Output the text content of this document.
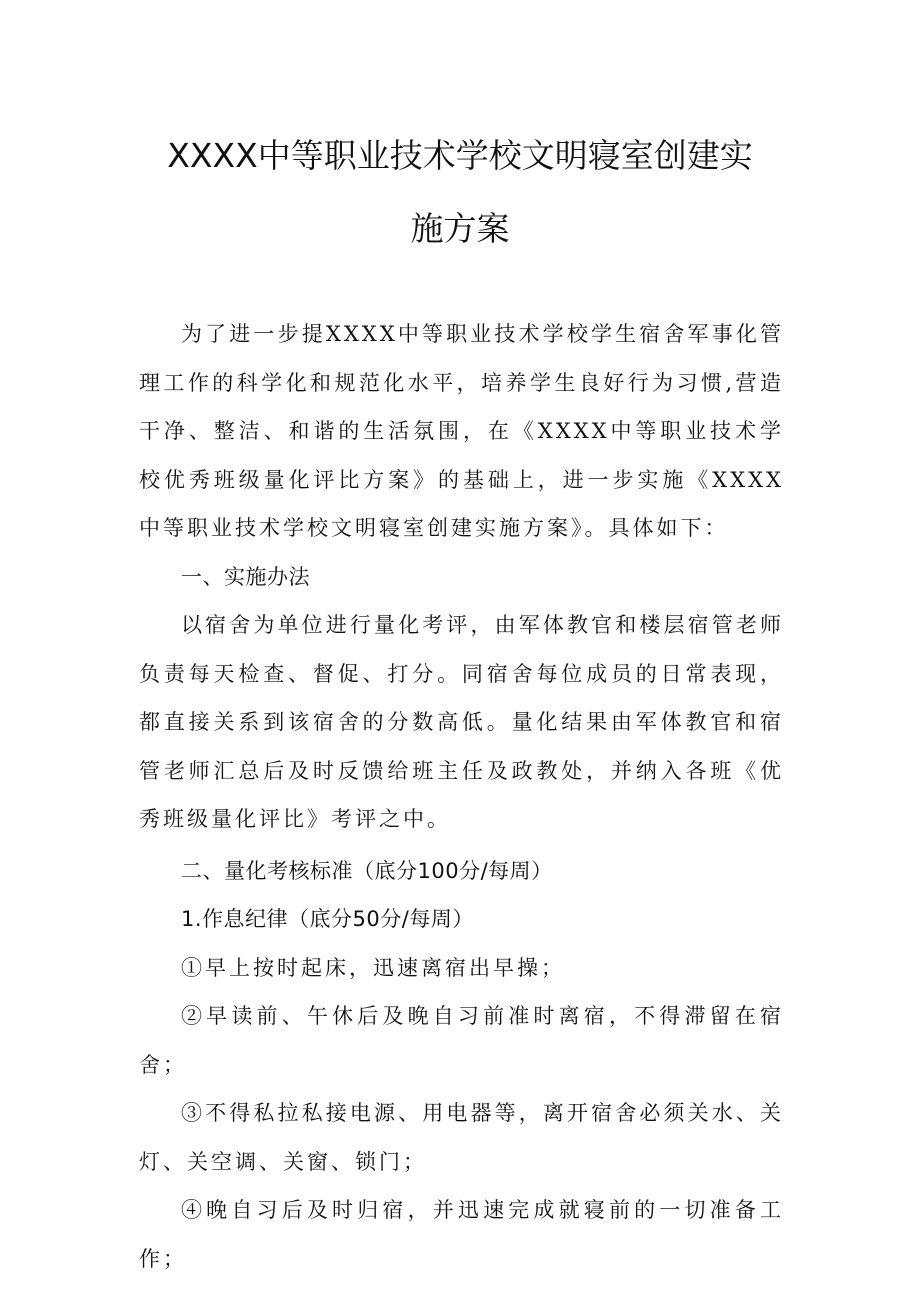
XXXX中等职业技术学校文明寝室创建实
施方案

为了进一步提XXXX中等职业技术学校学生宿舍军事化管理工作的科学化和规范化水平，培养学生良好行为习惯,营造干净、整洁、和谐的生活氛围，在《XXXX中等职业技术学校优秀班级量化评比方案》的基础上，进一步实施《XXXX中等职业技术学校文明寝室创建实施方案》。具体如下：

一、实施办法

以宿舍为单位进行量化考评，由军体教官和楼层宿管老师负责每天检查、督促、打分。同宿舍每位成员的日常表现，都直接关系到该宿舍的分数高低。量化结果由军体教官和宿管老师汇总后及时反馈给班主任及政教处，并纳入各班《优秀班级量化评比》考评之中。

二、量化考核标准（底分100分/每周）
1.作息纪律（底分50分/每周）

①早上按时起床，迅速离宿出早操；

②早读前、午休后及晚自习前准时离宿，不得滞留在宿舍；

③不得私拉私接电源、用电器等，离开宿舍必须关水、关灯、关空调、关窗、锁门；

④晚自习后及时归宿，并迅速完成就寝前的一切准备工作；
